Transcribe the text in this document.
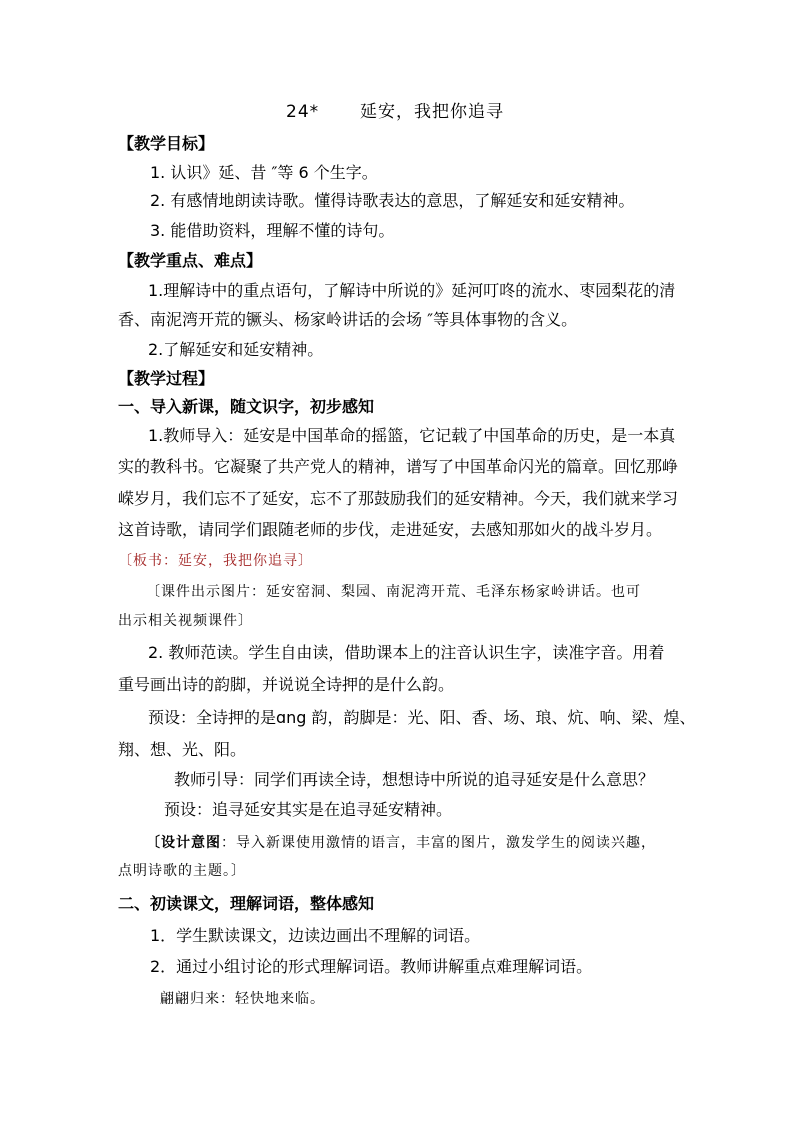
24* 延安，我把你追寻
【教学目标】
1. 认识》延、昔 ″等 6 个生字。
2. 有感情地朗读诗歌。懂得诗歌表达的意思，了解延安和延安精神。
3. 能借助资料，理解不懂的诗句。
【教学重点、难点】
1.理解诗中的重点语句，了解诗中所说的》延河叮咚的流水、枣园梨花的清
香、南泥湾开荒的镢头、杨家岭讲话的会场 ″等具体事物的含义。
2.了解延安和延安精神。
【教学过程】
一、导入新课，随文识字，初步感知
1.教师导入：延安是中国革命的摇篮，它记载了中国革命的历史，是一本真
实的教科书。它凝聚了共产党人的精神，谱写了中国革命闪光的篇章。回忆那峥
嵘岁月，我们忘不了延安，忘不了那鼓励我们的延安精神。今天，我们就来学习
这首诗歌，请同学们跟随老师的步伐，走进延安，去感知那如火的战斗岁月。
〔板书：延安，我把你追寻〕
〔课件出示图片：延安窑洞、梨园、南泥湾开荒、毛泽东杨家岭讲话。也可
出示相关视频课件〕
2. 教师范读。学生自由读，借助课本上的注音认识生字，读准字音。用着
重号画出诗的韵脚，并说说全诗押的是什么韵。
预设：全诗押的是ɑng 韵，韵脚是：光、阳、香、场、琅、炕、响、梁、煌、
翔、想、光、阳。
教师引导：同学们再读全诗，想想诗中所说的追寻延安是什么意思？
预设：追寻延安其实是在追寻延安精神。
〔设计意图：导入新课使用激情的语言，丰富的图片，激发学生的阅读兴趣，
点明诗歌的主题。〕
二、初读课文，理解词语，整体感知
1．学生默读课文，边读边画出不理解的词语。
2．通过小组讨论的形式理解词语。教师讲解重点难理解词语。
翩翩归来：轻快地来临。
